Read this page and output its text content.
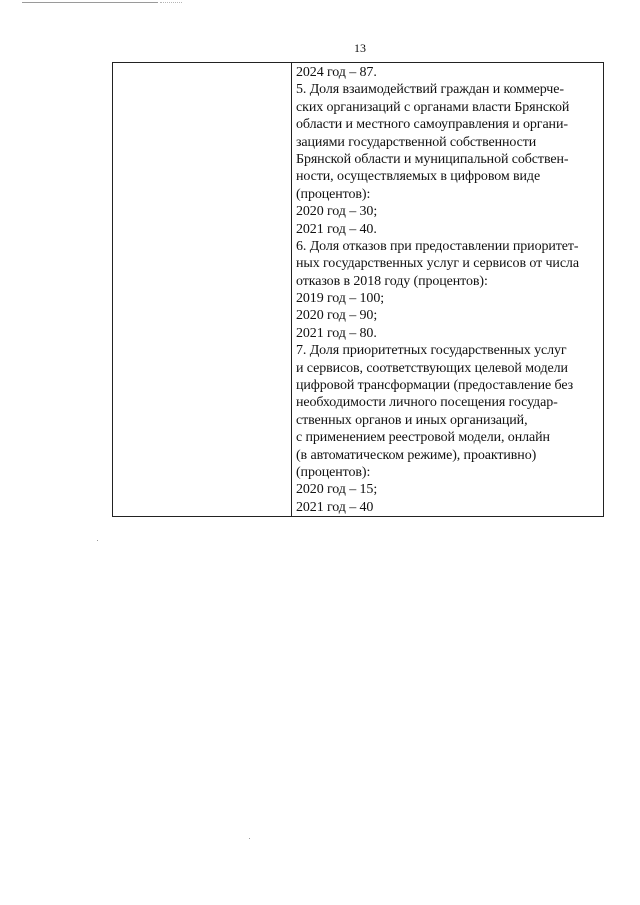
13
2024 год – 87.
5. Доля взаимодействий граждан и коммерче-
ских организаций с органами власти Брянской
области и местного самоуправления и органи-
зациями государственной собственности
Брянской области и муниципальной собствен-
ности, осуществляемых в цифровом виде
(процентов):
2020 год – 30;
2021 год – 40.
6. Доля отказов при предоставлении приоритет-
ных государственных услуг и сервисов от числа
отказов в 2018 году (процентов):
2019 год – 100;
2020 год – 90;
2021 год – 80.
7. Доля приоритетных государственных услуг
и сервисов, соответствующих целевой модели
цифровой трансформации (предоставление без
необходимости личного посещения государ-
ственных органов и иных организаций,
с применением реестровой модели, онлайн
(в автоматическом режиме), проактивно)
(процентов):
2020 год – 15;
2021 год – 40
